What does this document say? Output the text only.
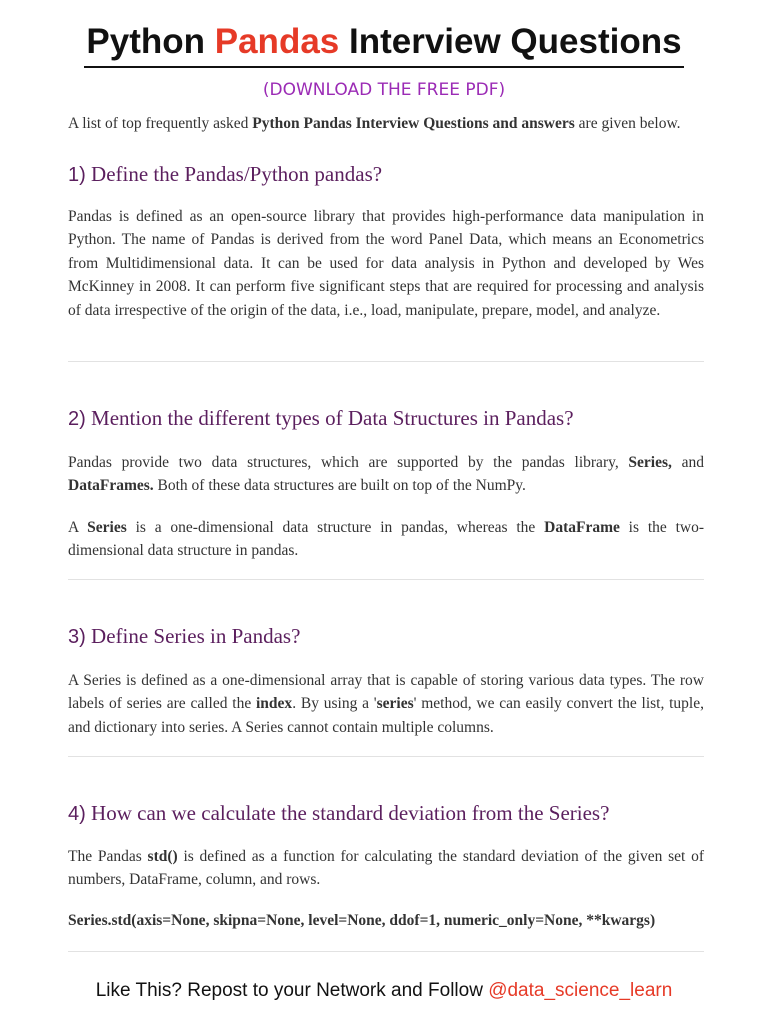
Python Pandas Interview Questions
(DOWNLOAD THE FREE PDF)
A list of top frequently asked Python Pandas Interview Questions and answers are given below.
1) Define the Pandas/Python pandas?

Pandas is defined as an open-source library that provides high-performance data manipulation in Python. The name of Pandas is derived from the word Panel Data, which means an Econometrics from Multidimensional data. It can be used for data analysis in Python and developed by Wes McKinney in 2008. It can perform five significant steps that are required for processing and analysis of data irrespective of the origin of the data, i.e., load, manipulate, prepare, model, and analyze.

2) Mention the different types of Data Structures in Pandas?

Pandas provide two data structures, which are supported by the pandas library, Series, and DataFrames. Both of these data structures are built on top of the NumPy.

A Series is a one-dimensional data structure in pandas, whereas the DataFrame is the two-dimensional data structure in pandas.

3) Define Series in Pandas?

A Series is defined as a one-dimensional array that is capable of storing various data types. The row labels of series are called the index. By using a 'series' method, we can easily convert the list, tuple, and dictionary into series. A Series cannot contain multiple columns.

4) How can we calculate the standard deviation from the Series?

The Pandas std() is defined as a function for calculating the standard deviation of the given set of numbers, DataFrame, column, and rows.

Series.std(axis=None, skipna=None, level=None, ddof=1, numeric_only=None, **kwargs)
Like This? Repost to your Network and Follow @data_science_learn
